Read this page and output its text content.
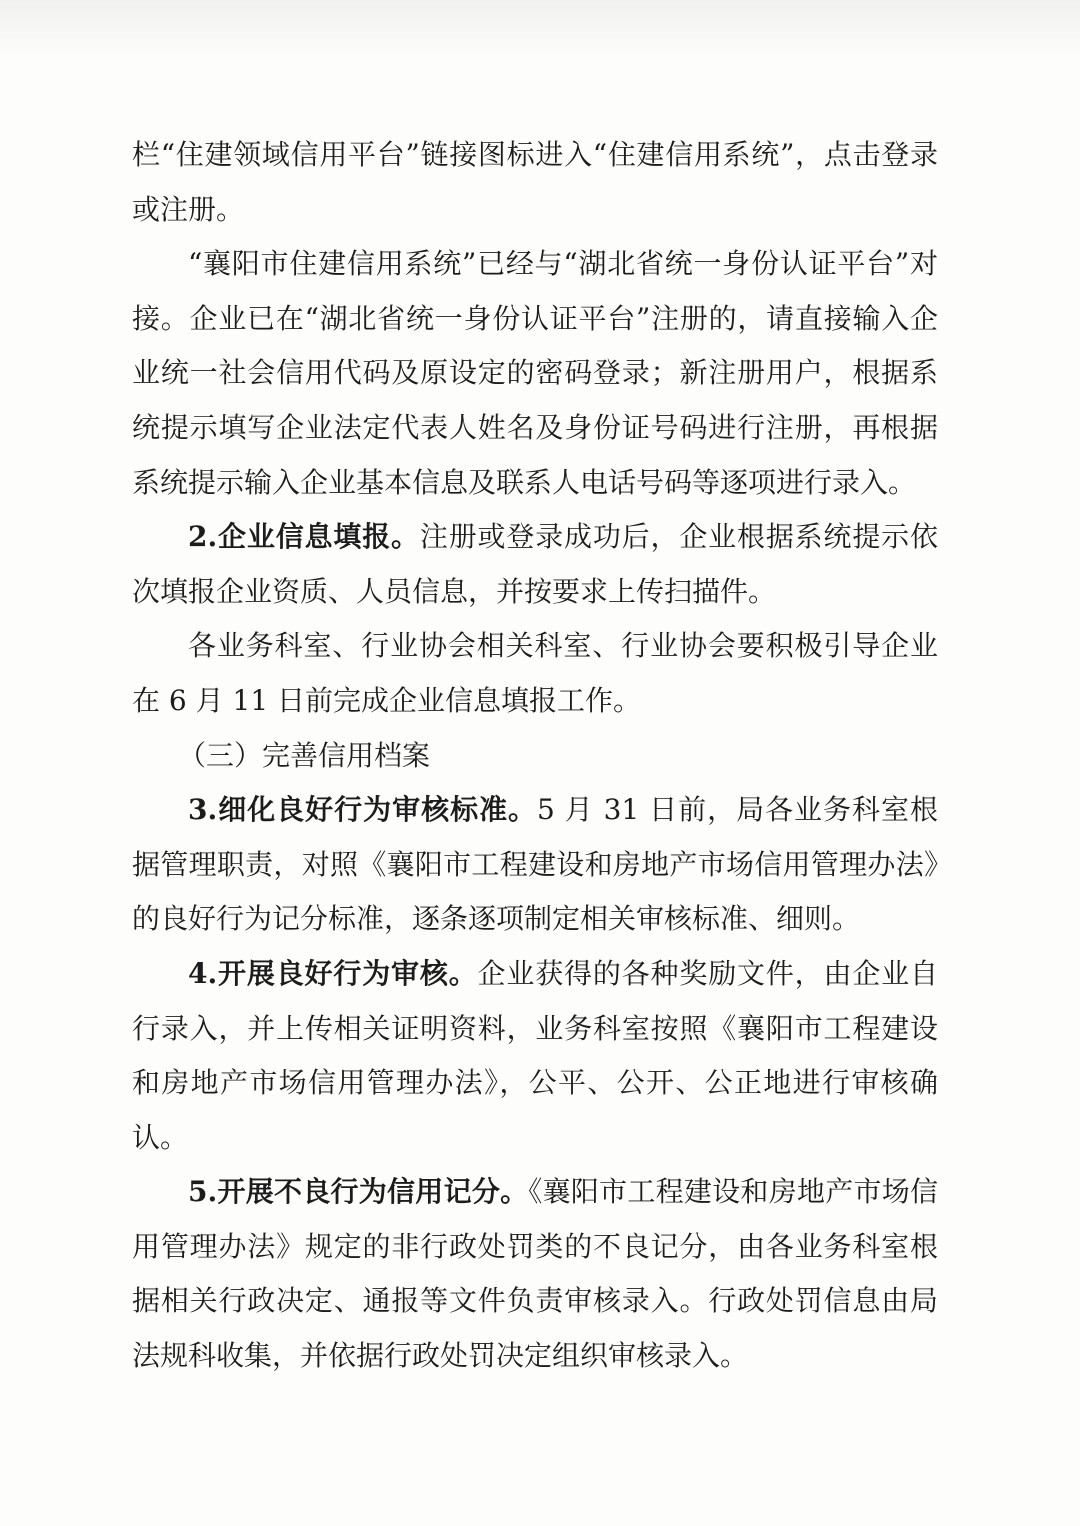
栏“住建领域信用平台”链接图标进入“住建信用系统”，点击登录或注册。

“襄阳市住建信用系统”已经与“湖北省统一身份认证平台”对接。企业已在“湖北省统一身份认证平台”注册的，请直接输入企业统一社会信用代码及原设定的密码登录；新注册用户，根据系统提示填写企业法定代表人姓名及身份证号码进行注册，再根据系统提示输入企业基本信息及联系人电话号码等逐项进行录入。

2.企业信息填报。注册或登录成功后，企业根据系统提示依次填报企业资质、人员信息，并按要求上传扫描件。

各业务科室、行业协会相关科室、行业协会要积极引导企业在 6 月 11 日前完成企业信息填报工作。

（三）完善信用档案

3.细化良好行为审核标准。5 月 31 日前，局各业务科室根据管理职责，对照《襄阳市工程建设和房地产市场信用管理办法》的良好行为记分标准，逐条逐项制定相关审核标准、细则。

4.开展良好行为审核。企业获得的各种奖励文件，由企业自行录入，并上传相关证明资料，业务科室按照《襄阳市工程建设和房地产市场信用管理办法》，公平、公开、公正地进行审核确认。

5.开展不良行为信用记分。《襄阳市工程建设和房地产市场信用管理办法》规定的非行政处罚类的不良记分，由各业务科室根据相关行政决定、通报等文件负责审核录入。行政处罚信息由局法规科收集，并依据行政处罚决定组织审核录入。
